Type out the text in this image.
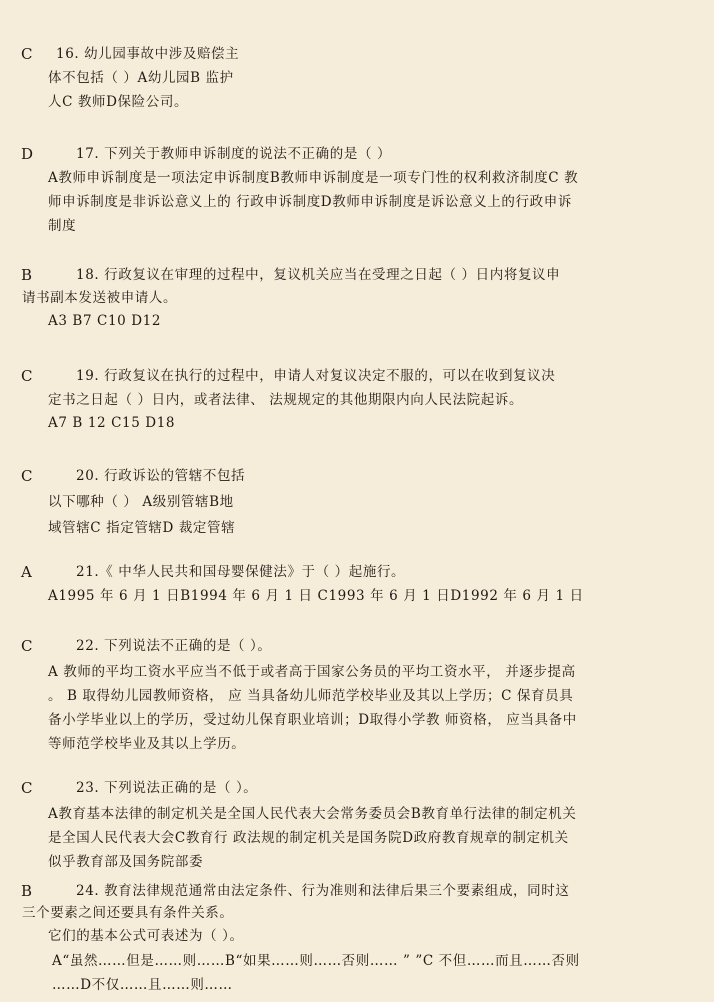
C 16. 幼儿园事故中涉及赔偿主
体不包括（ ）A幼儿园B 监护
人C 教师D保险公司。
D	17. 下列关于教师申诉制度的说法不正确的是（ ）
A教师申诉制度是一项法定申诉制度B教师申诉制度是一项专门性的权利救济制度C 教
师申诉制度是非诉讼意义上的 行政申诉制度D教师申诉制度是诉讼意义上的行政申诉
制度
B	18. 行政复议在审理的过程中，复议机关应当在受理之日起（ ）日内将复议申
请书副本发送被申请人。
A3 B7 C10 D12
C	19. 行政复议在执行的过程中，申请人对复议决定不服的，可以在收到复议决
定书之日起（ ）日内，或者法律、 法规规定的其他期限内向人民法院起诉。
A7 B 12 C15 D18
C	20. 行政诉讼的管辖不包括
以下哪种（ ） A级别管辖B地
域管辖C 指定管辖D 裁定管辖
A	21.《 中华人民共和国母婴保健法》于（ ）起施行。
A1995 年 6 月 1 日B1994 年 6 月 1 日 C1993 年 6 月 1 日D1992 年 6 月 1 日
C	22. 下列说法不正确的是（ ）。
A 教师的平均工资水平应当不低于或者高于国家公务员的平均工资水平， 并逐步提高
。 B 取得幼儿园教师资格， 应 当具备幼儿师范学校毕业及其以上学历；C 保育员具
备小学毕业以上的学历，受过幼儿保育职业培训；D取得小学教 师资格， 应当具备中
等师范学校毕业及其以上学历。
C	23. 下列说法正确的是（ ）。
A教育基本法律的制定机关是全国人民代表大会常务委员会B教育单行法律的制定机关
是全国人民代表大会C教育行 政法规的制定机关是国务院D政府教育规章的制定机关
似乎教育部及国务院部委
B	24. 教育法律规范通常由法定条件、行为准则和法律后果三个要素组成，同时这
三个要素之间还要具有条件关系。
它们的基本公式可表述为（ ）。
A“虽然……但是……则……B“如果……则……否则…… ” ”C 不但……而且……否则
……D不仅……且……则……
